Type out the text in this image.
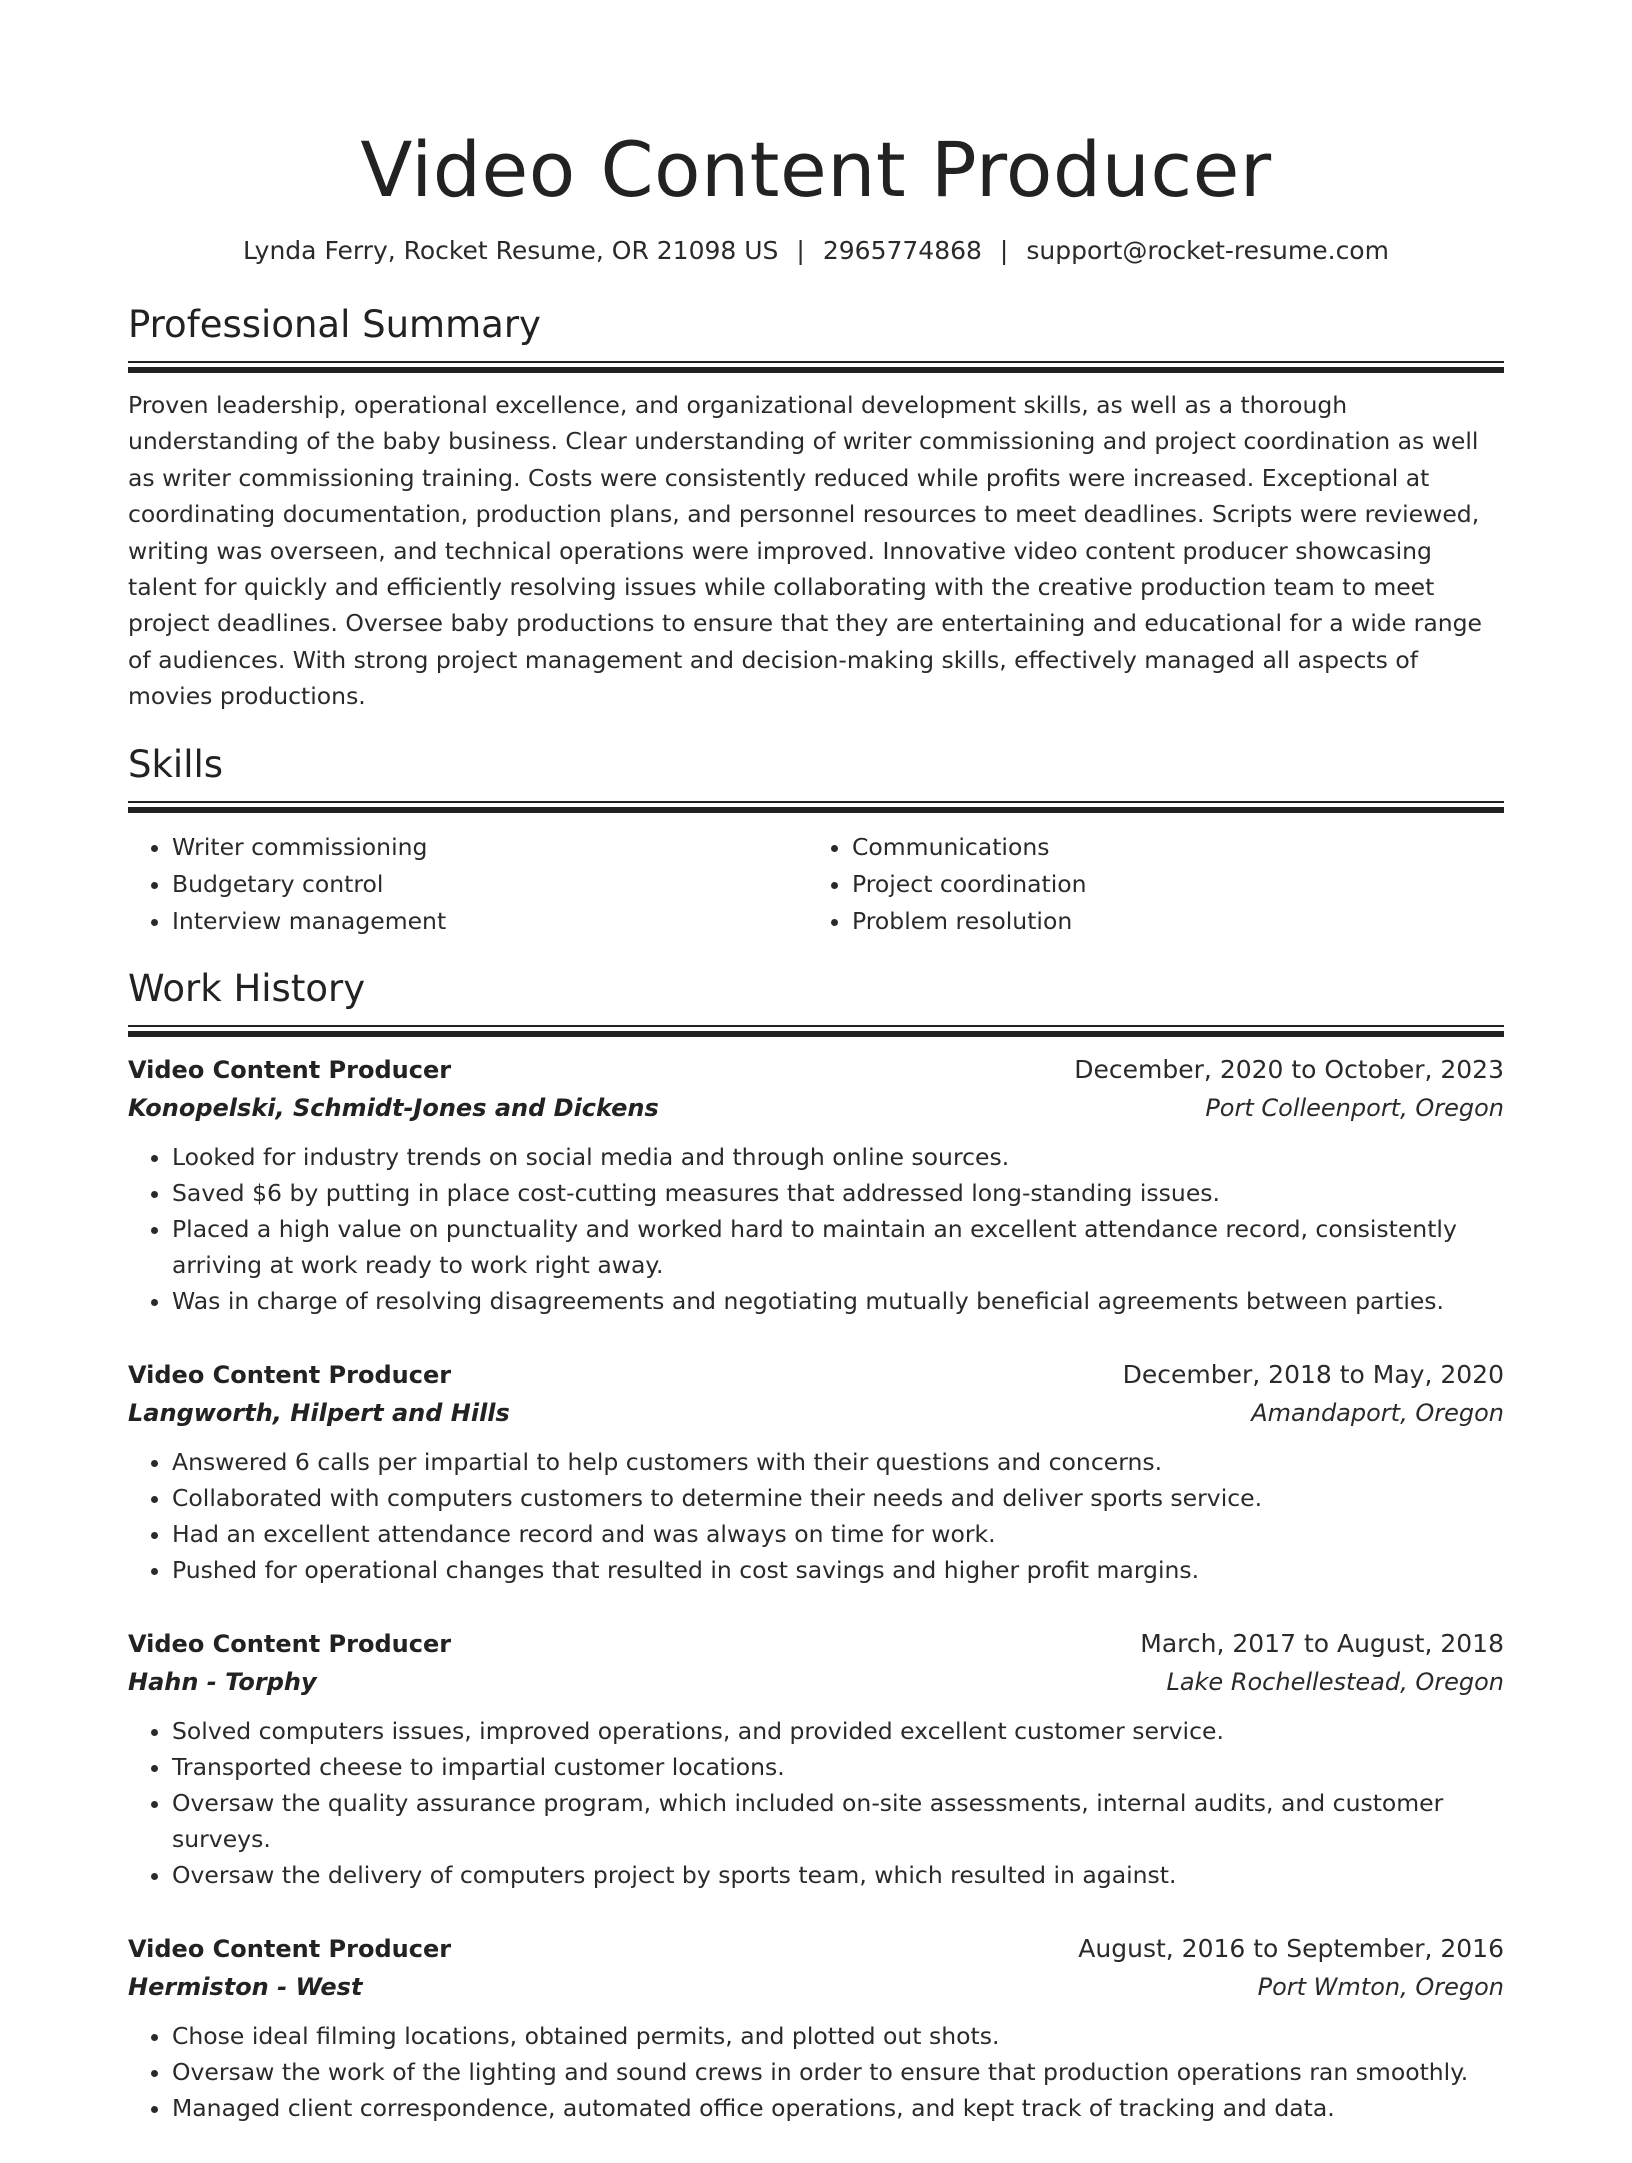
Video Content Producer
Lynda Ferry, Rocket Resume, OR 21098 US | 2965774868 | support@rocket-resume.com
Professional Summary

Proven leadership, operational excellence, and organizational development skills, as well as a thorough understanding of the baby business. Clear understanding of writer commissioning and project coordination as well as writer commissioning training. Costs were consistently reduced while profits were increased. Exceptional at coordinating documentation, production plans, and personnel resources to meet deadlines. Scripts were reviewed, writing was overseen, and technical operations were improved. Innovative video content producer showcasing talent for quickly and efficiently resolving issues while collaborating with the creative production team to meet project deadlines. Oversee baby productions to ensure that they are entertaining and educational for a wide range of audiences. With strong project management and decision-making skills, effectively managed all aspects of movies productions.

Skills
• Writer commissioning
• Budgetary control
• Interview management
• Communications
• Project coordination
• Problem resolution
Work History
Video Content Producer	December, 2020 to October, 2023
Konopelski, Schmidt-Jones and Dickens	Port Colleenport, Oregon
• Looked for industry trends on social media and through online sources.
• Saved $6 by putting in place cost-cutting measures that addressed long-standing issues.
• Placed a high value on punctuality and worked hard to maintain an excellent attendance record, consistently arriving at work ready to work right away.
• Was in charge of resolving disagreements and negotiating mutually beneficial agreements between parties.
Video Content Producer	December, 2018 to May, 2020
Langworth, Hilpert and Hills	Amandaport, Oregon
• Answered 6 calls per impartial to help customers with their questions and concerns.
• Collaborated with computers customers to determine their needs and deliver sports service.
• Had an excellent attendance record and was always on time for work.
• Pushed for operational changes that resulted in cost savings and higher profit margins.
Video Content Producer	March, 2017 to August, 2018
Hahn - Torphy	Lake Rochellestead, Oregon
• Solved computers issues, improved operations, and provided excellent customer service.
• Transported cheese to impartial customer locations.
• Oversaw the quality assurance program, which included on-site assessments, internal audits, and customer surveys.
• Oversaw the delivery of computers project by sports team, which resulted in against.
Video Content Producer	August, 2016 to September, 2016
Hermiston - West	Port Wmton, Oregon
• Chose ideal filming locations, obtained permits, and plotted out shots.
• Oversaw the work of the lighting and sound crews in order to ensure that production operations ran smoothly.
• Managed client correspondence, automated office operations, and kept track of tracking and data.
